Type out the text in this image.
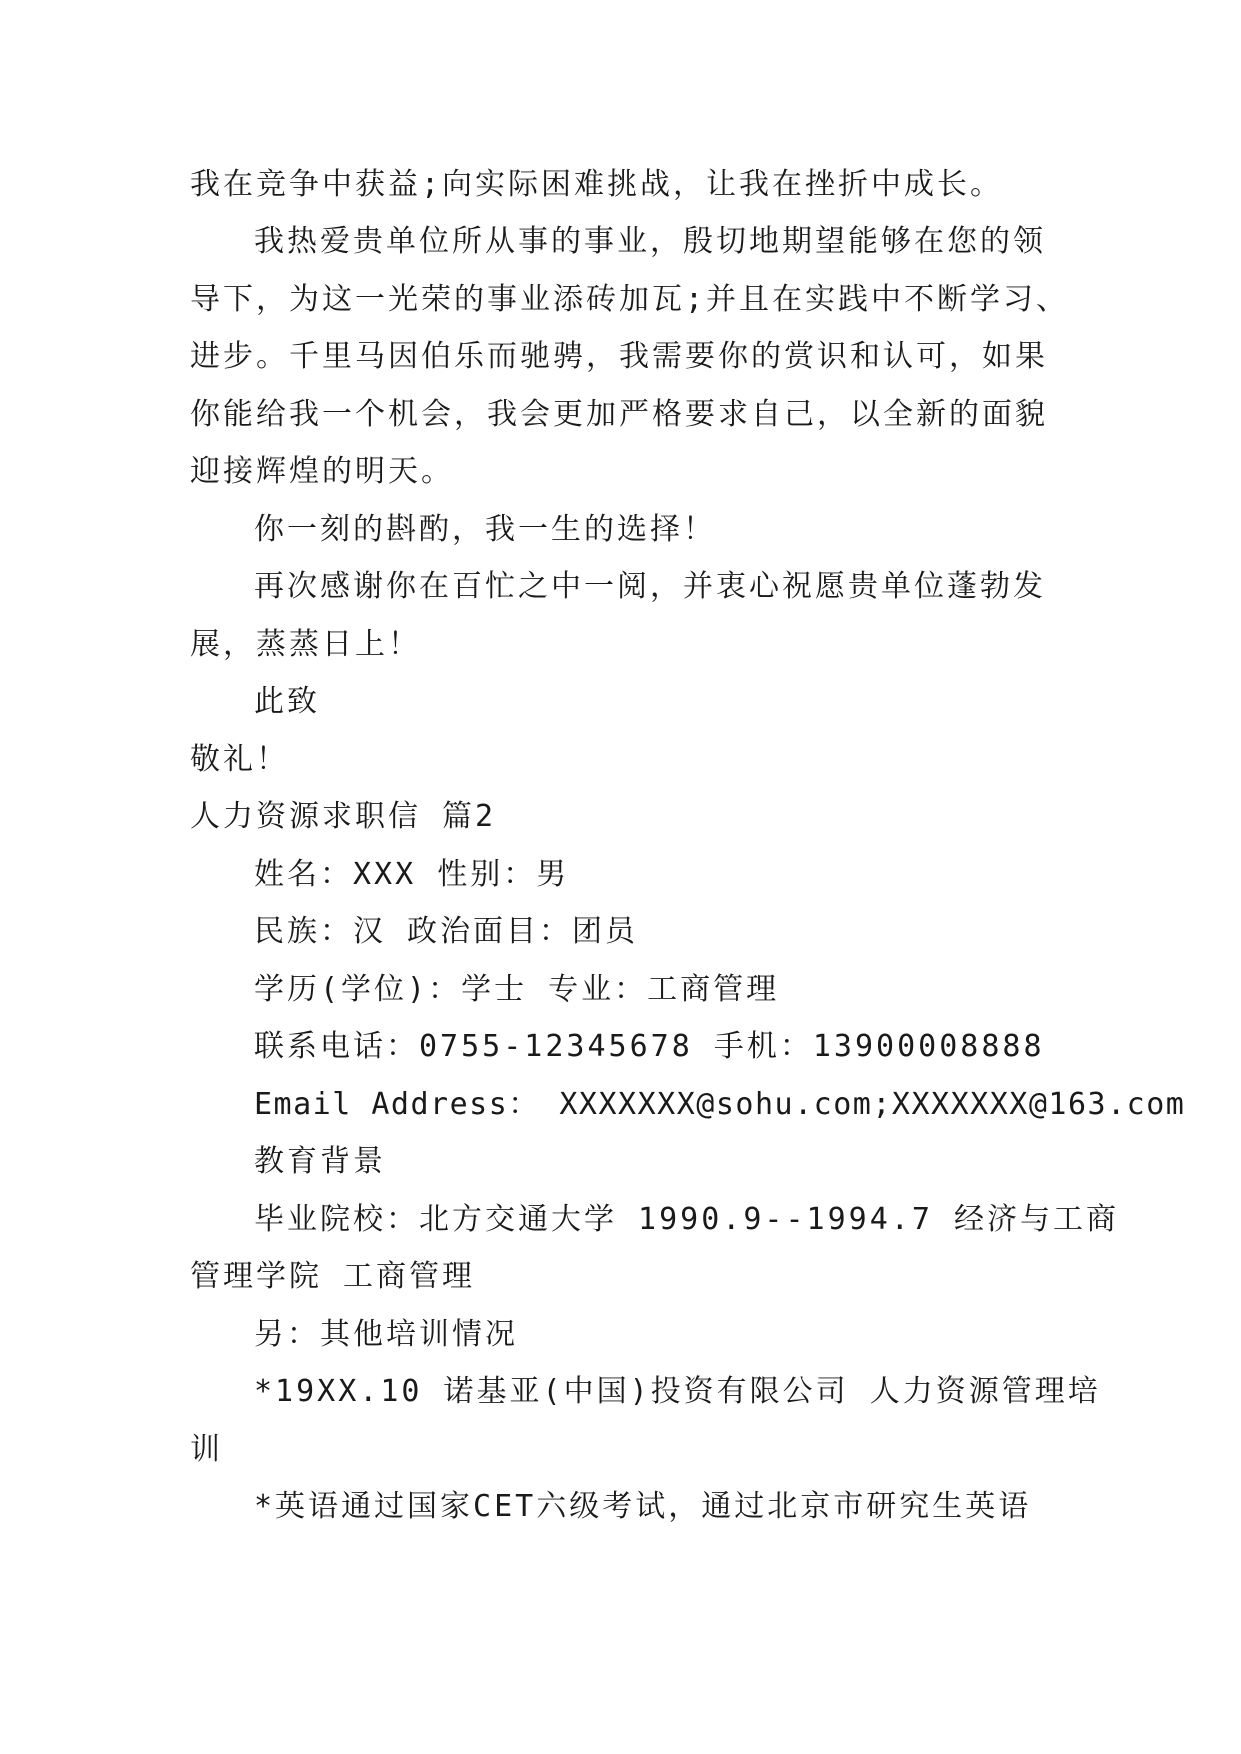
我在竞争中获益;向实际困难挑战，让我在挫折中成长。
我热爱贵单位所从事的事业，殷切地期望能够在您的领
导下，为这一光荣的事业添砖加瓦;并且在实践中不断学习、
进步。千里马因伯乐而驰骋，我需要你的赏识和认可，如果
你能给我一个机会，我会更加严格要求自己，以全新的面貌
迎接辉煌的明天。
你一刻的斟酌，我一生的选择！
再次感谢你在百忙之中一阅，并衷心祝愿贵单位蓬勃发
展，蒸蒸日上！
此致
敬礼！
人力资源求职信 篇2
姓名：XXX 性别：男
民族：汉 政治面目：团员
学历(学位)：学士 专业：工商管理
联系电话：0755-12345678 手机：13900008888
Email Address： XXXXXXX@sohu.com;XXXXXXX@163.com
教育背景
毕业院校：北方交通大学 1990.9--1994.7 经济与工商
管理学院 工商管理
另：其他培训情况
*19XX.10 诺基亚(中国)投资有限公司 人力资源管理培
训
*英语通过国家CET六级考试，通过北京市研究生英语
